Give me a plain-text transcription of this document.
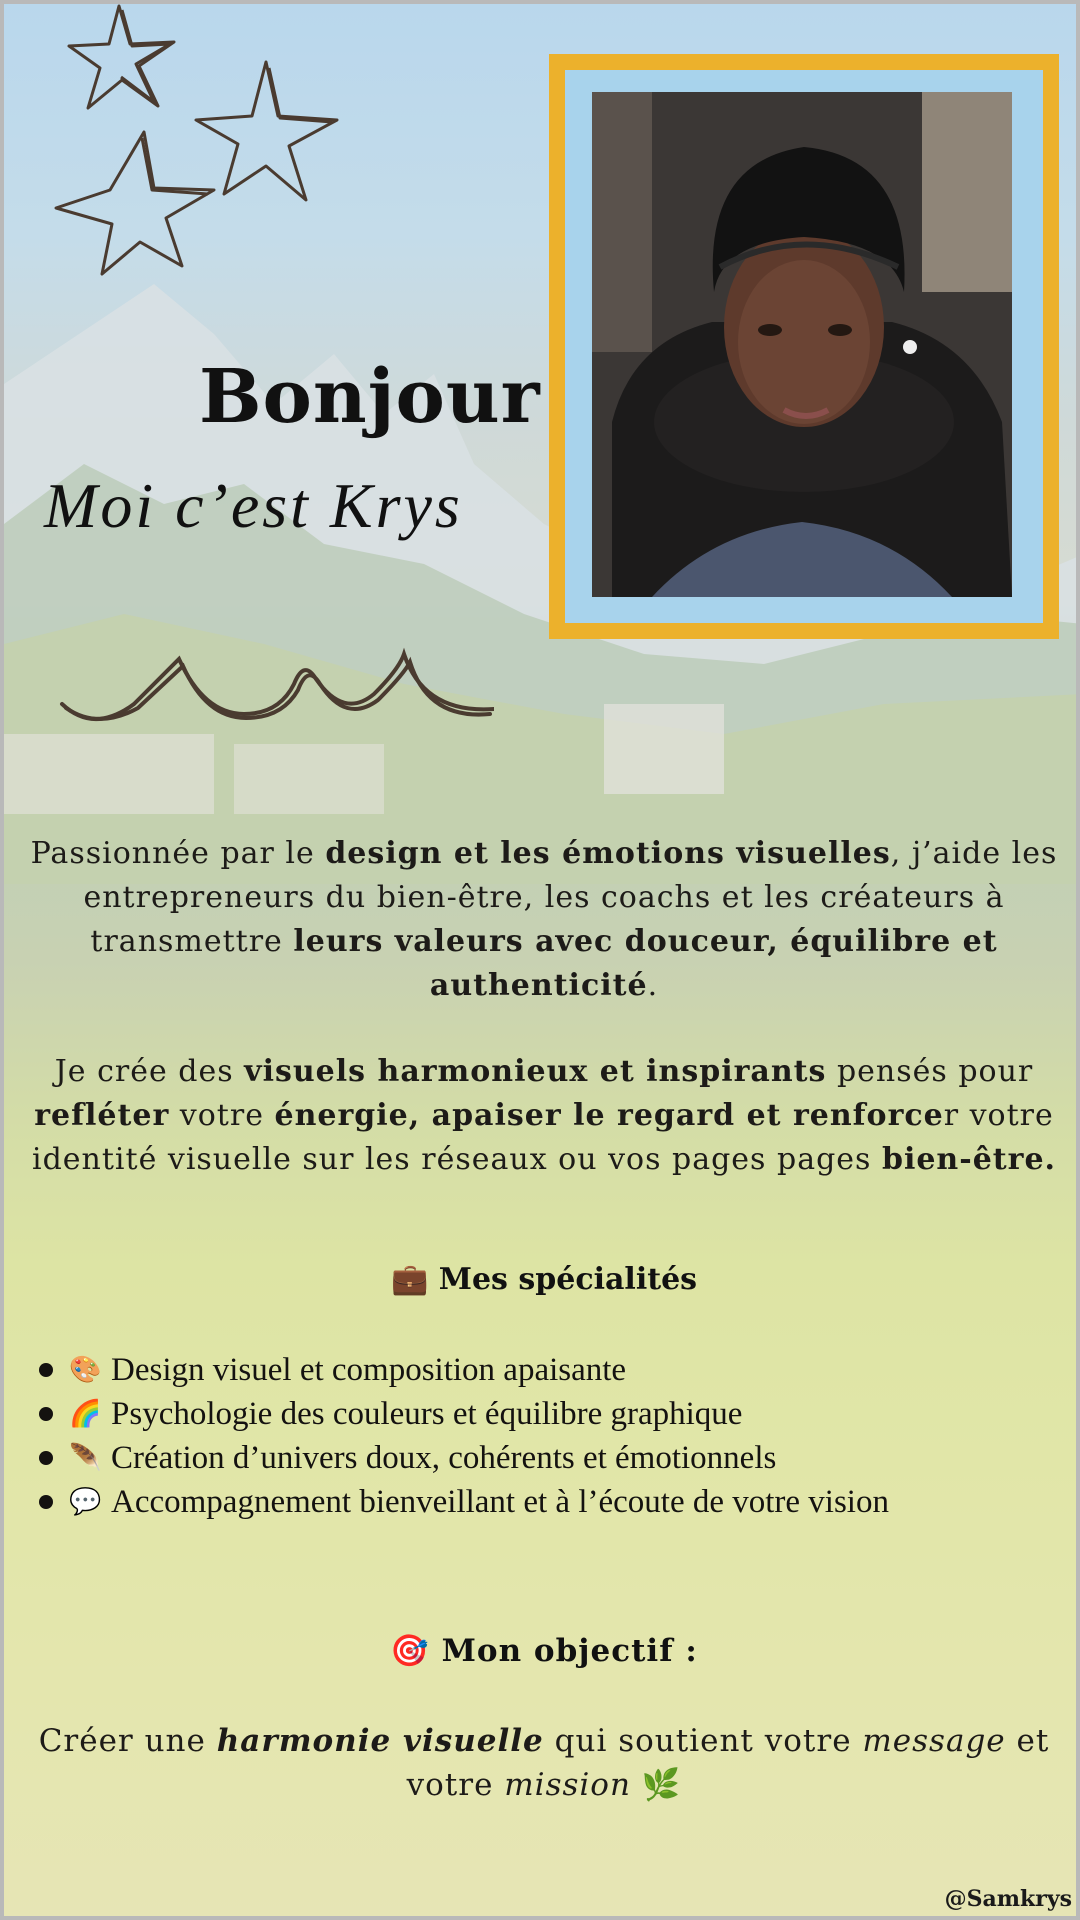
Bonjour
Moi c’est Krys

Passionnée par le design et les émotions visuelles, j’aide les entrepreneurs du bien-être, les coachs et les créateurs à transmettre leurs valeurs avec douceur, équilibre et authenticité.

Je crée des visuels harmonieux et inspirants pensés pour refléter votre énergie, apaiser le regard et renforcer votre identité visuelle sur les réseaux ou vos pages pages bien-être.

💼 Mes spécialités
🎨 Design visuel et composition apaisante
🌈 Psychologie des couleurs et équilibre graphique
🪶 Création d’univers doux, cohérents et émotionnels
💬 Accompagnement bienveillant et à l’écoute de votre vision
🎯 Mon objectif :
Créer une harmonie visuelle qui soutient votre message et votre mission 🌿
@Samkrys
